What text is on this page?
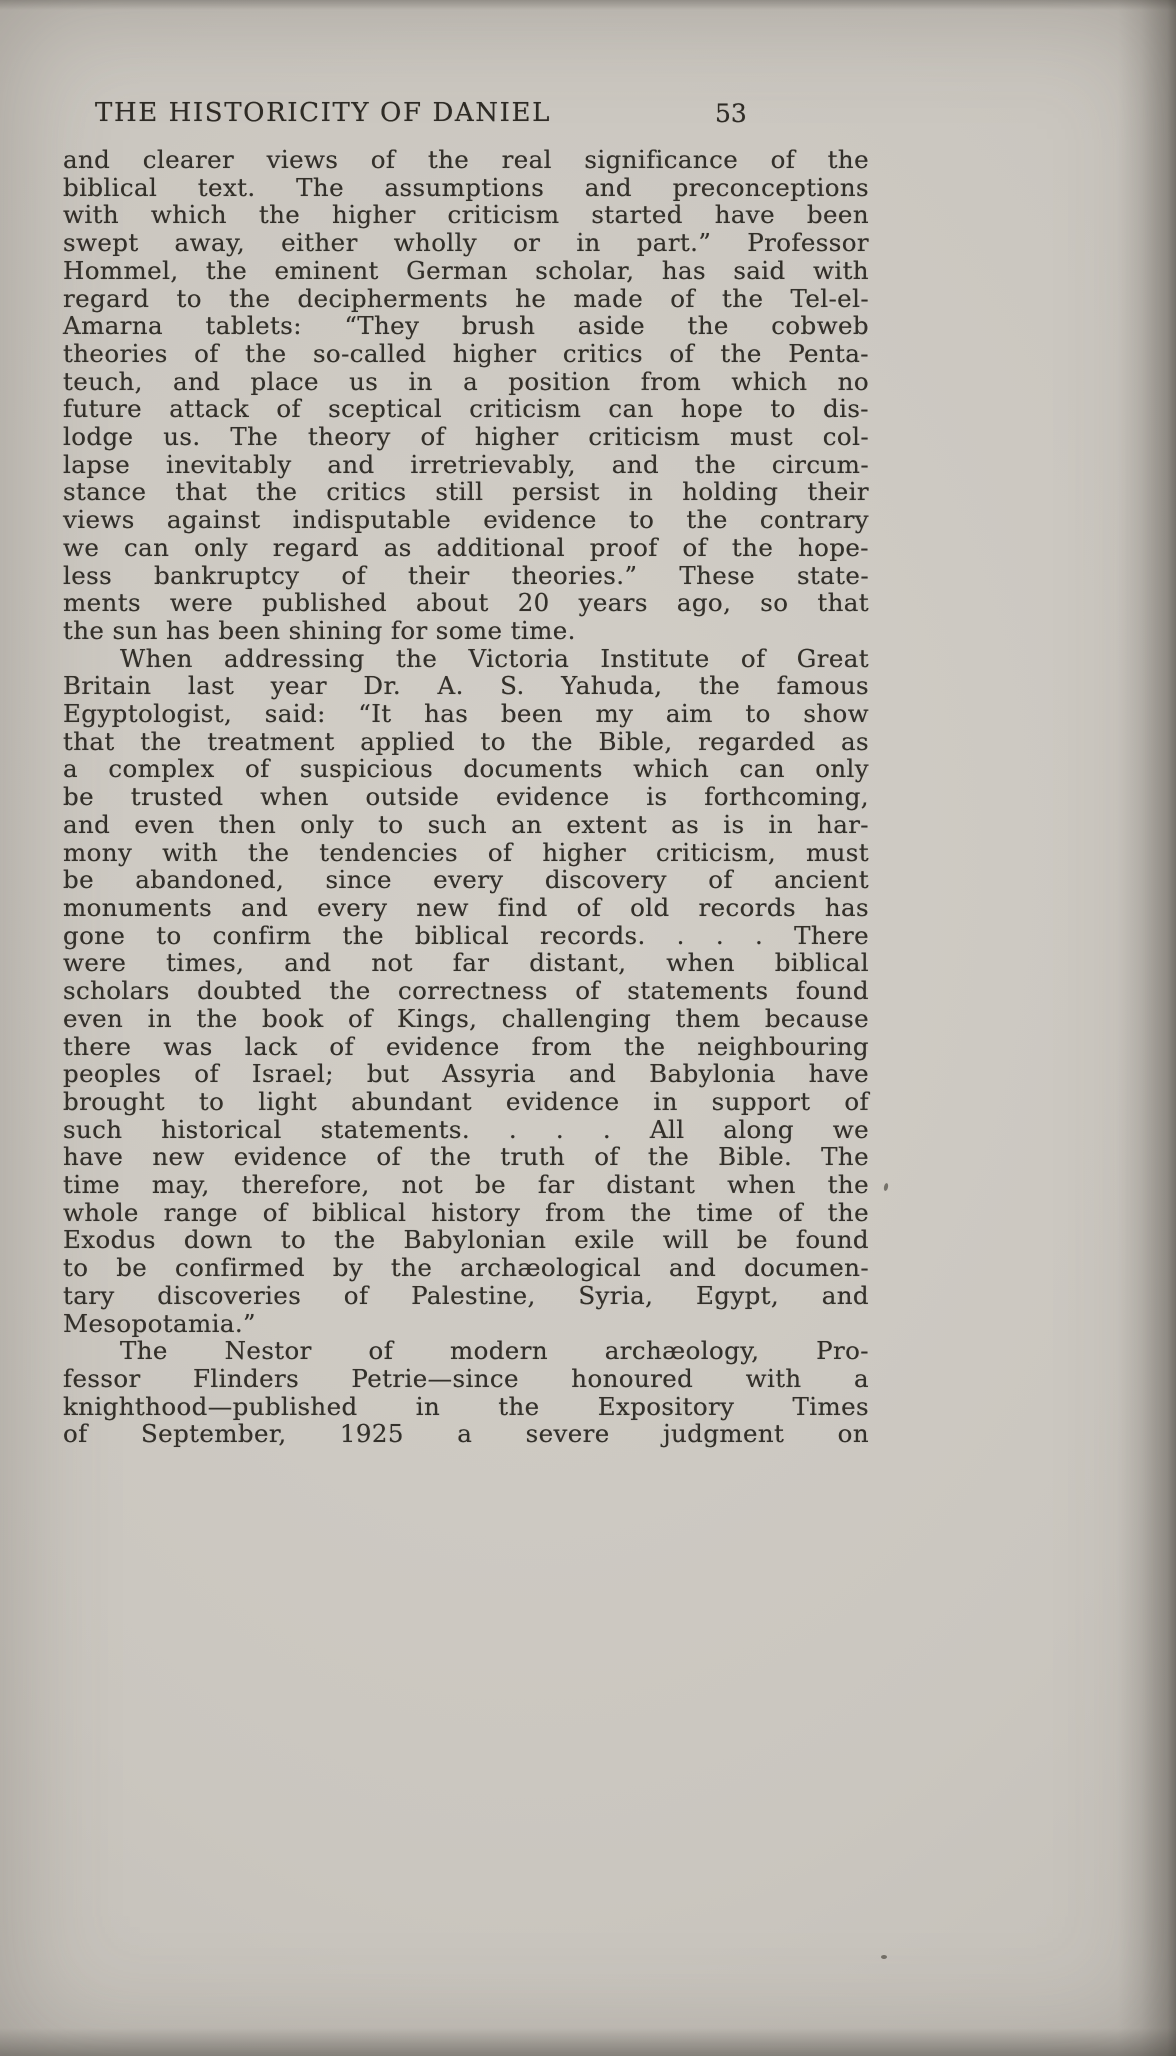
THE HISTORICITY OF DANIEL	53
and clearer views of the real significance of the
biblical text. The assumptions and preconceptions
with which the higher criticism started have been
swept away, either wholly or in part.” Professor
Hommel, the eminent German scholar, has said with
regard to the decipherments he made of the Tel-el-
Amarna tablets: “They brush aside the cobweb
theories of the so-called higher critics of the Penta-
teuch, and place us in a position from which no
future attack of sceptical criticism can hope to dis-
lodge us. The theory of higher criticism must col-
lapse inevitably and irretrievably, and the circum-
stance that the critics still persist in holding their
views against indisputable evidence to the contrary
we can only regard as additional proof of the hope-
less bankruptcy of their theories.” These state-
ments were published about 20 years ago, so that
the sun has been shining for some time.
When addressing the Victoria Institute of Great
Britain last year Dr. A. S. Yahuda, the famous
Egyptologist, said: “It has been my aim to show
that the treatment applied to the Bible, regarded as
a complex of suspicious documents which can only
be trusted when outside evidence is forthcoming,
and even then only to such an extent as is in har-
mony with the tendencies of higher criticism, must
be abandoned, since every discovery of ancient
monuments and every new find of old records has
gone to confirm the biblical records. . . . There
were times, and not far distant, when biblical
scholars doubted the correctness of statements found
even in the book of Kings, challenging them because
there was lack of evidence from the neighbouring
peoples of Israel; but Assyria and Babylonia have
brought to light abundant evidence in support of
such historical statements. . . . All along we
have new evidence of the truth of the Bible. The
time may, therefore, not be far distant when the
whole range of biblical history from the time of the
Exodus down to the Babylonian exile will be found
to be confirmed by the archæological and documen-
tary discoveries of Palestine, Syria, Egypt, and
Mesopotamia.”
The Nestor of modern archæology, Pro-
fessor Flinders Petrie—since honoured with a
knighthood—published in the Expository Times
of September, 1925 a severe judgment on
